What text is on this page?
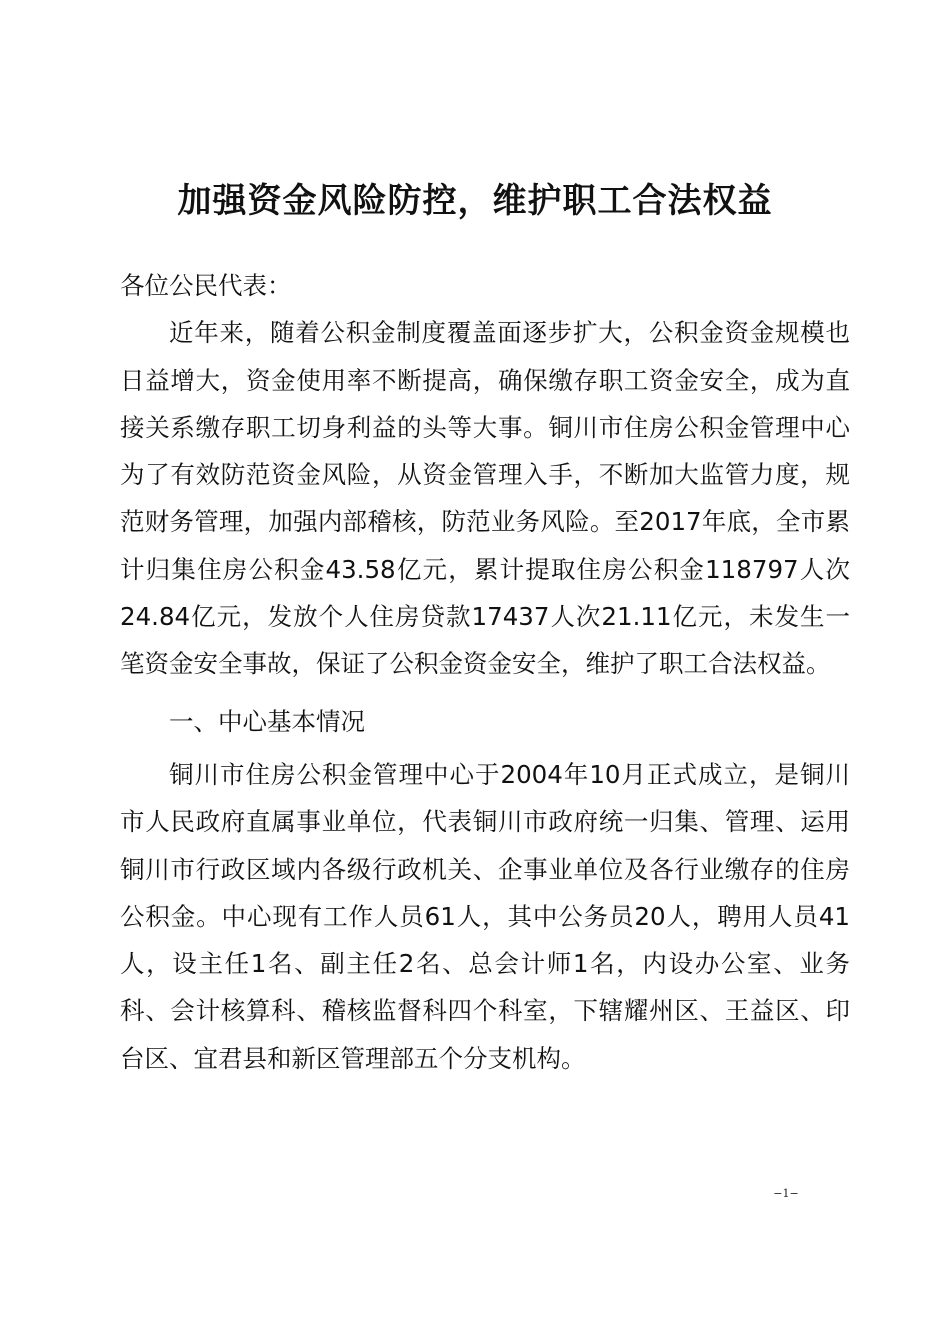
加强资金风险防控，维护职工合法权益

各位公民代表：

近年来，随着公积金制度覆盖面逐步扩大，公积金资金规模也日益增大，资金使用率不断提高，确保缴存职工资金安全，成为直接关系缴存职工切身利益的头等大事。铜川市住房公积金管理中心为了有效防范资金风险，从资金管理入手，不断加大监管力度，规范财务管理，加强内部稽核，防范业务风险。至2017年底，全市累计归集住房公积金43.58亿元，累计提取住房公积金118797人次24.84亿元，发放个人住房贷款17437人次21.11亿元，未发生一笔资金安全事故，保证了公积金资金安全，维护了职工合法权益。

一、中心基本情况

铜川市住房公积金管理中心于2004年10月正式成立，是铜川市人民政府直属事业单位，代表铜川市政府统一归集、管理、运用铜川市行政区域内各级行政机关、企事业单位及各行业缴存的住房公积金。中心现有工作人员61人，其中公务员20人，聘用人员41人，设主任1名、副主任2名、总会计师1名，内设办公室、业务科、会计核算科、稽核监督科四个科室，下辖耀州区、王益区、印台区、宜君县和新区管理部五个分支机构。

−1−
